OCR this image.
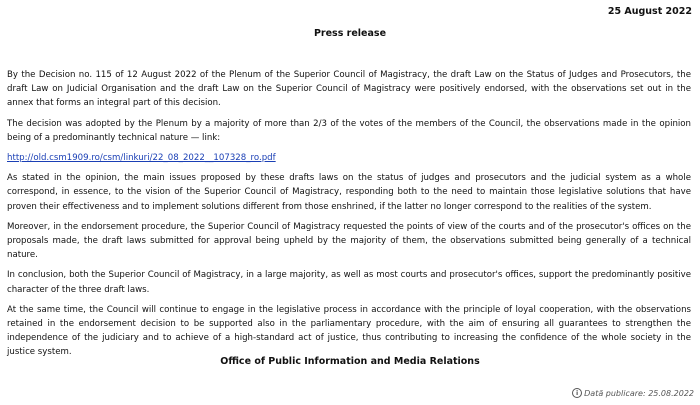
25 August 2022
Press release

By the Decision no. 115 of 12 August 2022 of the Plenum of the Superior Council of Magistracy, the draft Law on the Status of Judges and Prosecutors, the draft Law on Judicial Organisation and the draft Law on the Superior Council of Magistracy were positively endorsed, with the observations set out in the annex that forms an integral part of this decision.

The decision was adopted by the Plenum by a majority of more than 2/3 of the votes of the members of the Council, the observations made in the opinion being of a predominantly technical nature — link:

http://old.csm1909.ro/csm/linkuri/22_08_2022__107328_ro.pdf

As stated in the opinion, the main issues proposed by these drafts laws on the status of judges and prosecutors and the judicial system as a whole correspond, in essence, to the vision of the Superior Council of Magistracy, responding both to the need to maintain those legislative solutions that have proven their effectiveness and to implement solutions different from those enshrined, if the latter no longer correspond to the realities of the system.

Moreover, in the endorsement procedure, the Superior Council of Magistracy requested the points of view of the courts and of the prosecutor's offices on the proposals made, the draft laws submitted for approval being upheld by the majority of them, the observations submitted being generally of a technical nature.

In conclusion, both the Superior Council of Magistracy, in a large majority, as well as most courts and prosecutor's offices, support the predominantly positive character of the three draft laws.

At the same time, the Council will continue to engage in the legislative process in accordance with the principle of loyal cooperation, with the observations retained in the endorsement decision to be supported also in the parliamentary procedure, with the aim of ensuring all guarantees to strengthen the independence of the judiciary and to achieve of a high-standard act of justice, thus contributing to increasing the confidence of the whole society in the justice system.

Office of Public Information and Media Relations
i Dată publicare: 25.08.2022
